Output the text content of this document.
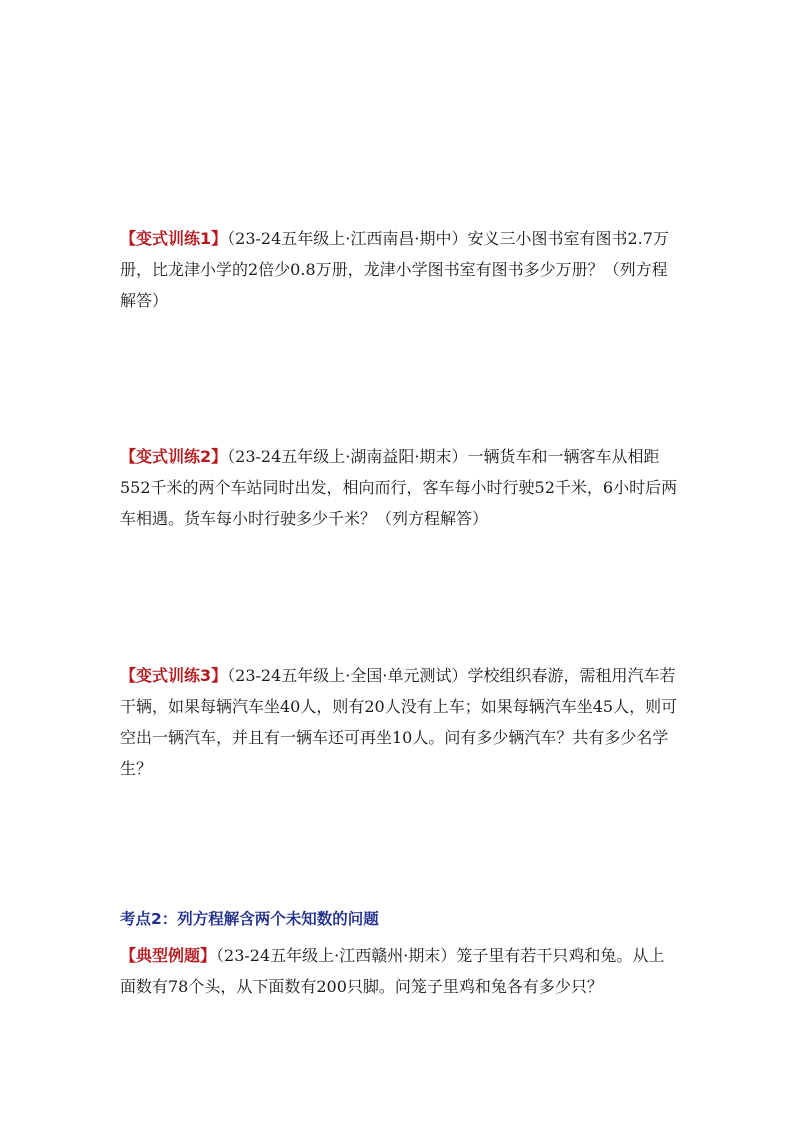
【变式训练1】（23-24五年级上·江西南昌·期中）安义三小图书室有图书2.7万册，比龙津小学的2倍少0.8万册，龙津小学图书室有图书多少万册？（列方程解答）
【变式训练2】（23-24五年级上·湖南益阳·期末）一辆货车和一辆客车从相距552千米的两个车站同时出发，相向而行，客车每小时行驶52千米，6小时后两车相遇。货车每小时行驶多少千米？（列方程解答）
【变式训练3】（23-24五年级上·全国·单元测试）学校组织春游，需租用汽车若干辆，如果每辆汽车坐40人，则有20人没有上车；如果每辆汽车坐45人，则可空出一辆汽车，并且有一辆车还可再坐10人。问有多少辆汽车？共有多少名学生？
考点2：列方程解含两个未知数的问题
【典型例题】（23-24五年级上·江西赣州·期末）笼子里有若干只鸡和兔。从上面数有78个头，从下面数有200只脚。问笼子里鸡和兔各有多少只？
